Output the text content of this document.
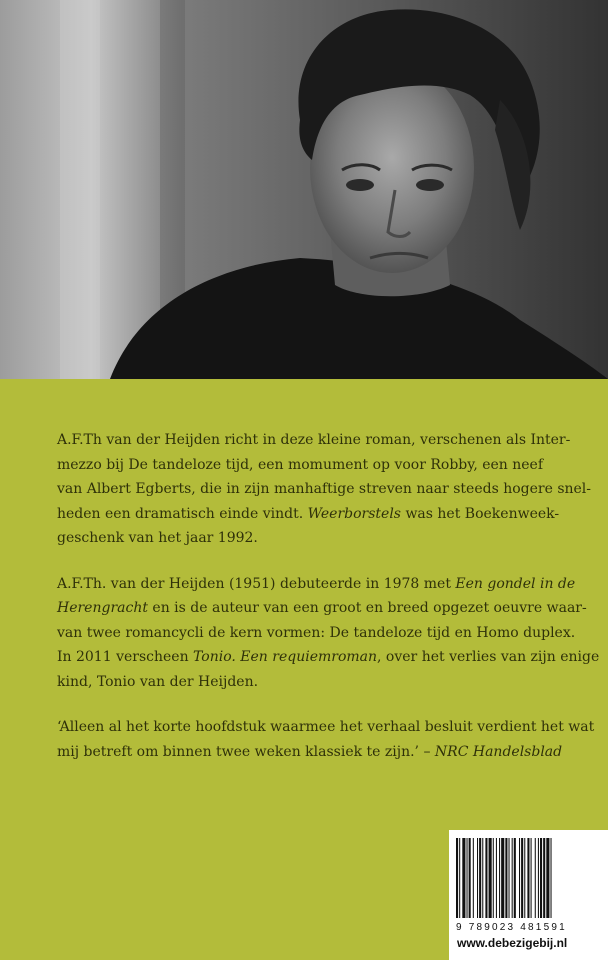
A.F.Th van der Heijden richt in deze kleine roman, verschenen als Inter-
mezzo bij De tandeloze tijd, een momument op voor Robby, een neef
van Albert Egberts, die in zijn manhaftige streven naar steeds hogere snel-
heden een dramatisch einde vindt. Weerborstels was het Boekenweek-
geschenk van het jaar 1992.
A.F.Th. van der Heijden (1951) debuteerde in 1978 met Een gondel in de
Herengracht en is de auteur van een groot en breed opgezet oeuvre waar-
van twee romancycli de kern vormen: De tandeloze tijd en Homo duplex.
In 2011 verscheen Tonio. Een requiemroman, over het verlies van zijn enige
kind, Tonio van der Heijden.
‘Alleen al het korte hoofdstuk waarmee het verhaal besluit verdient het wat
mij betreft om binnen twee weken klassiek te zijn.’ – NRC Handelsblad
9 789023 481591
www.debezigebij.nl
